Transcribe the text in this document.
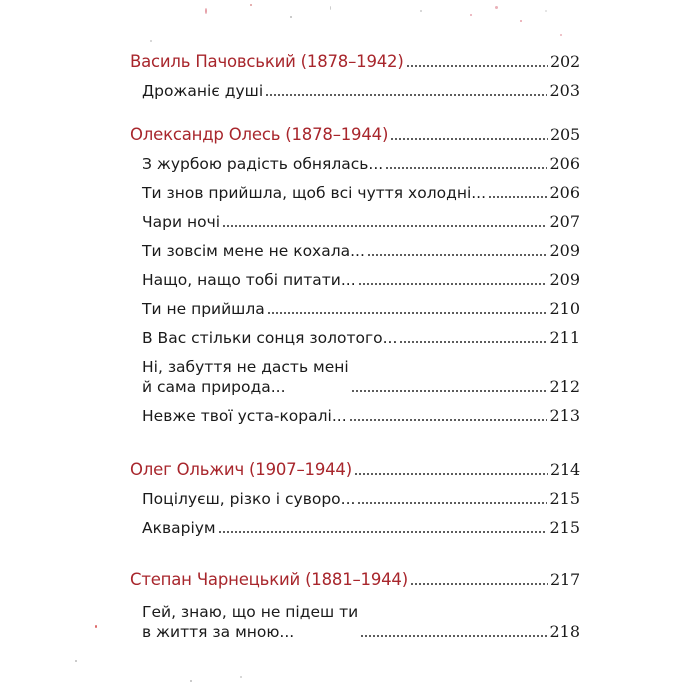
Василь Пачовський (1878–1942)	202
Дрожаніє душі	203
Олександр Олесь (1878–1944)	205
З журбою радість обнялась...	206
Ти знов прийшла, щоб всі чуття холодні...	206
Чари ночі	207
Ти зовсім мене не кохала...	209
Нащо, нащо тобі питати...	209
Ти не прийшла	210
В Вас стільки сонця золотого...	211
Ні, забуття не дасть мені
й сама природа...	212
Невже твої уста-коралі...	213
Олег Ольжич (1907–1944)	214
Поцілуєш, різко і суворо...	215
Акваріум	215
Степан Чарнецький (1881–1944)	217
Гей, знаю, що не підеш ти
в життя за мною...	218
